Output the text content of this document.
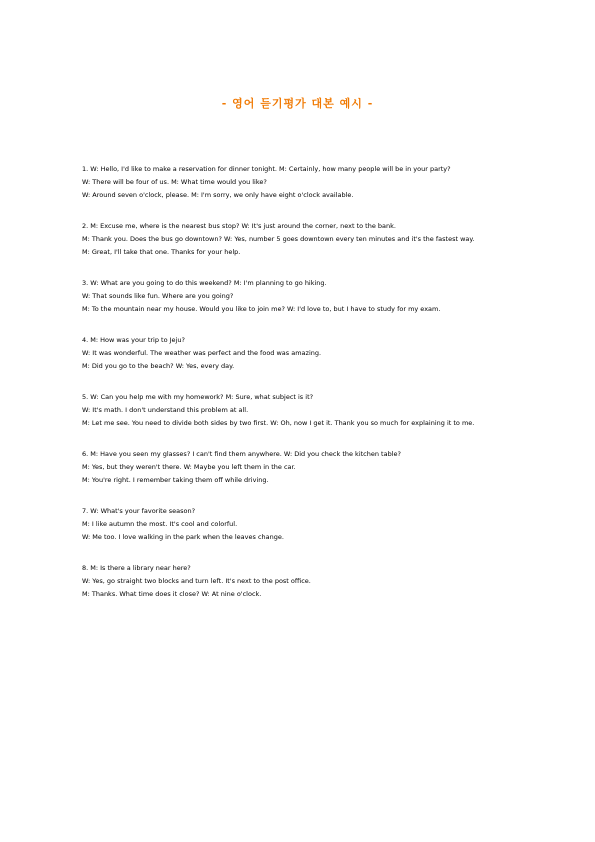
- 영어 듣기평가 대본 예시 -
1. W: Hello, I'd like to make a reservation for dinner tonight. M: Certainly, how many people will be in your party?
W: There will be four of us. M: What time would you like?
W: Around seven o'clock, please. M: I'm sorry, we only have eight o'clock available.
2. M: Excuse me, where is the nearest bus stop? W: It's just around the corner, next to the bank.
M: Thank you. Does the bus go downtown? W: Yes, number 5 goes downtown every ten minutes and it's the fastest way.
M: Great, I'll take that one. Thanks for your help.
3. W: What are you going to do this weekend? M: I'm planning to go hiking.
W: That sounds like fun. Where are you going?
M: To the mountain near my house. Would you like to join me? W: I'd love to, but I have to study for my exam.
4. M: How was your trip to Jeju?
W: It was wonderful. The weather was perfect and the food was amazing.
M: Did you go to the beach? W: Yes, every day.
5. W: Can you help me with my homework? M: Sure, what subject is it?
W: It's math. I don't understand this problem at all.
M: Let me see. You need to divide both sides by two first. W: Oh, now I get it. Thank you so much for explaining it to me.
6. M: Have you seen my glasses? I can't find them anywhere. W: Did you check the kitchen table?
M: Yes, but they weren't there. W: Maybe you left them in the car.
M: You're right. I remember taking them off while driving.
7. W: What's your favorite season?
M: I like autumn the most. It's cool and colorful.
W: Me too. I love walking in the park when the leaves change.
8. M: Is there a library near here?
W: Yes, go straight two blocks and turn left. It's next to the post office.
M: Thanks. What time does it close? W: At nine o'clock.
